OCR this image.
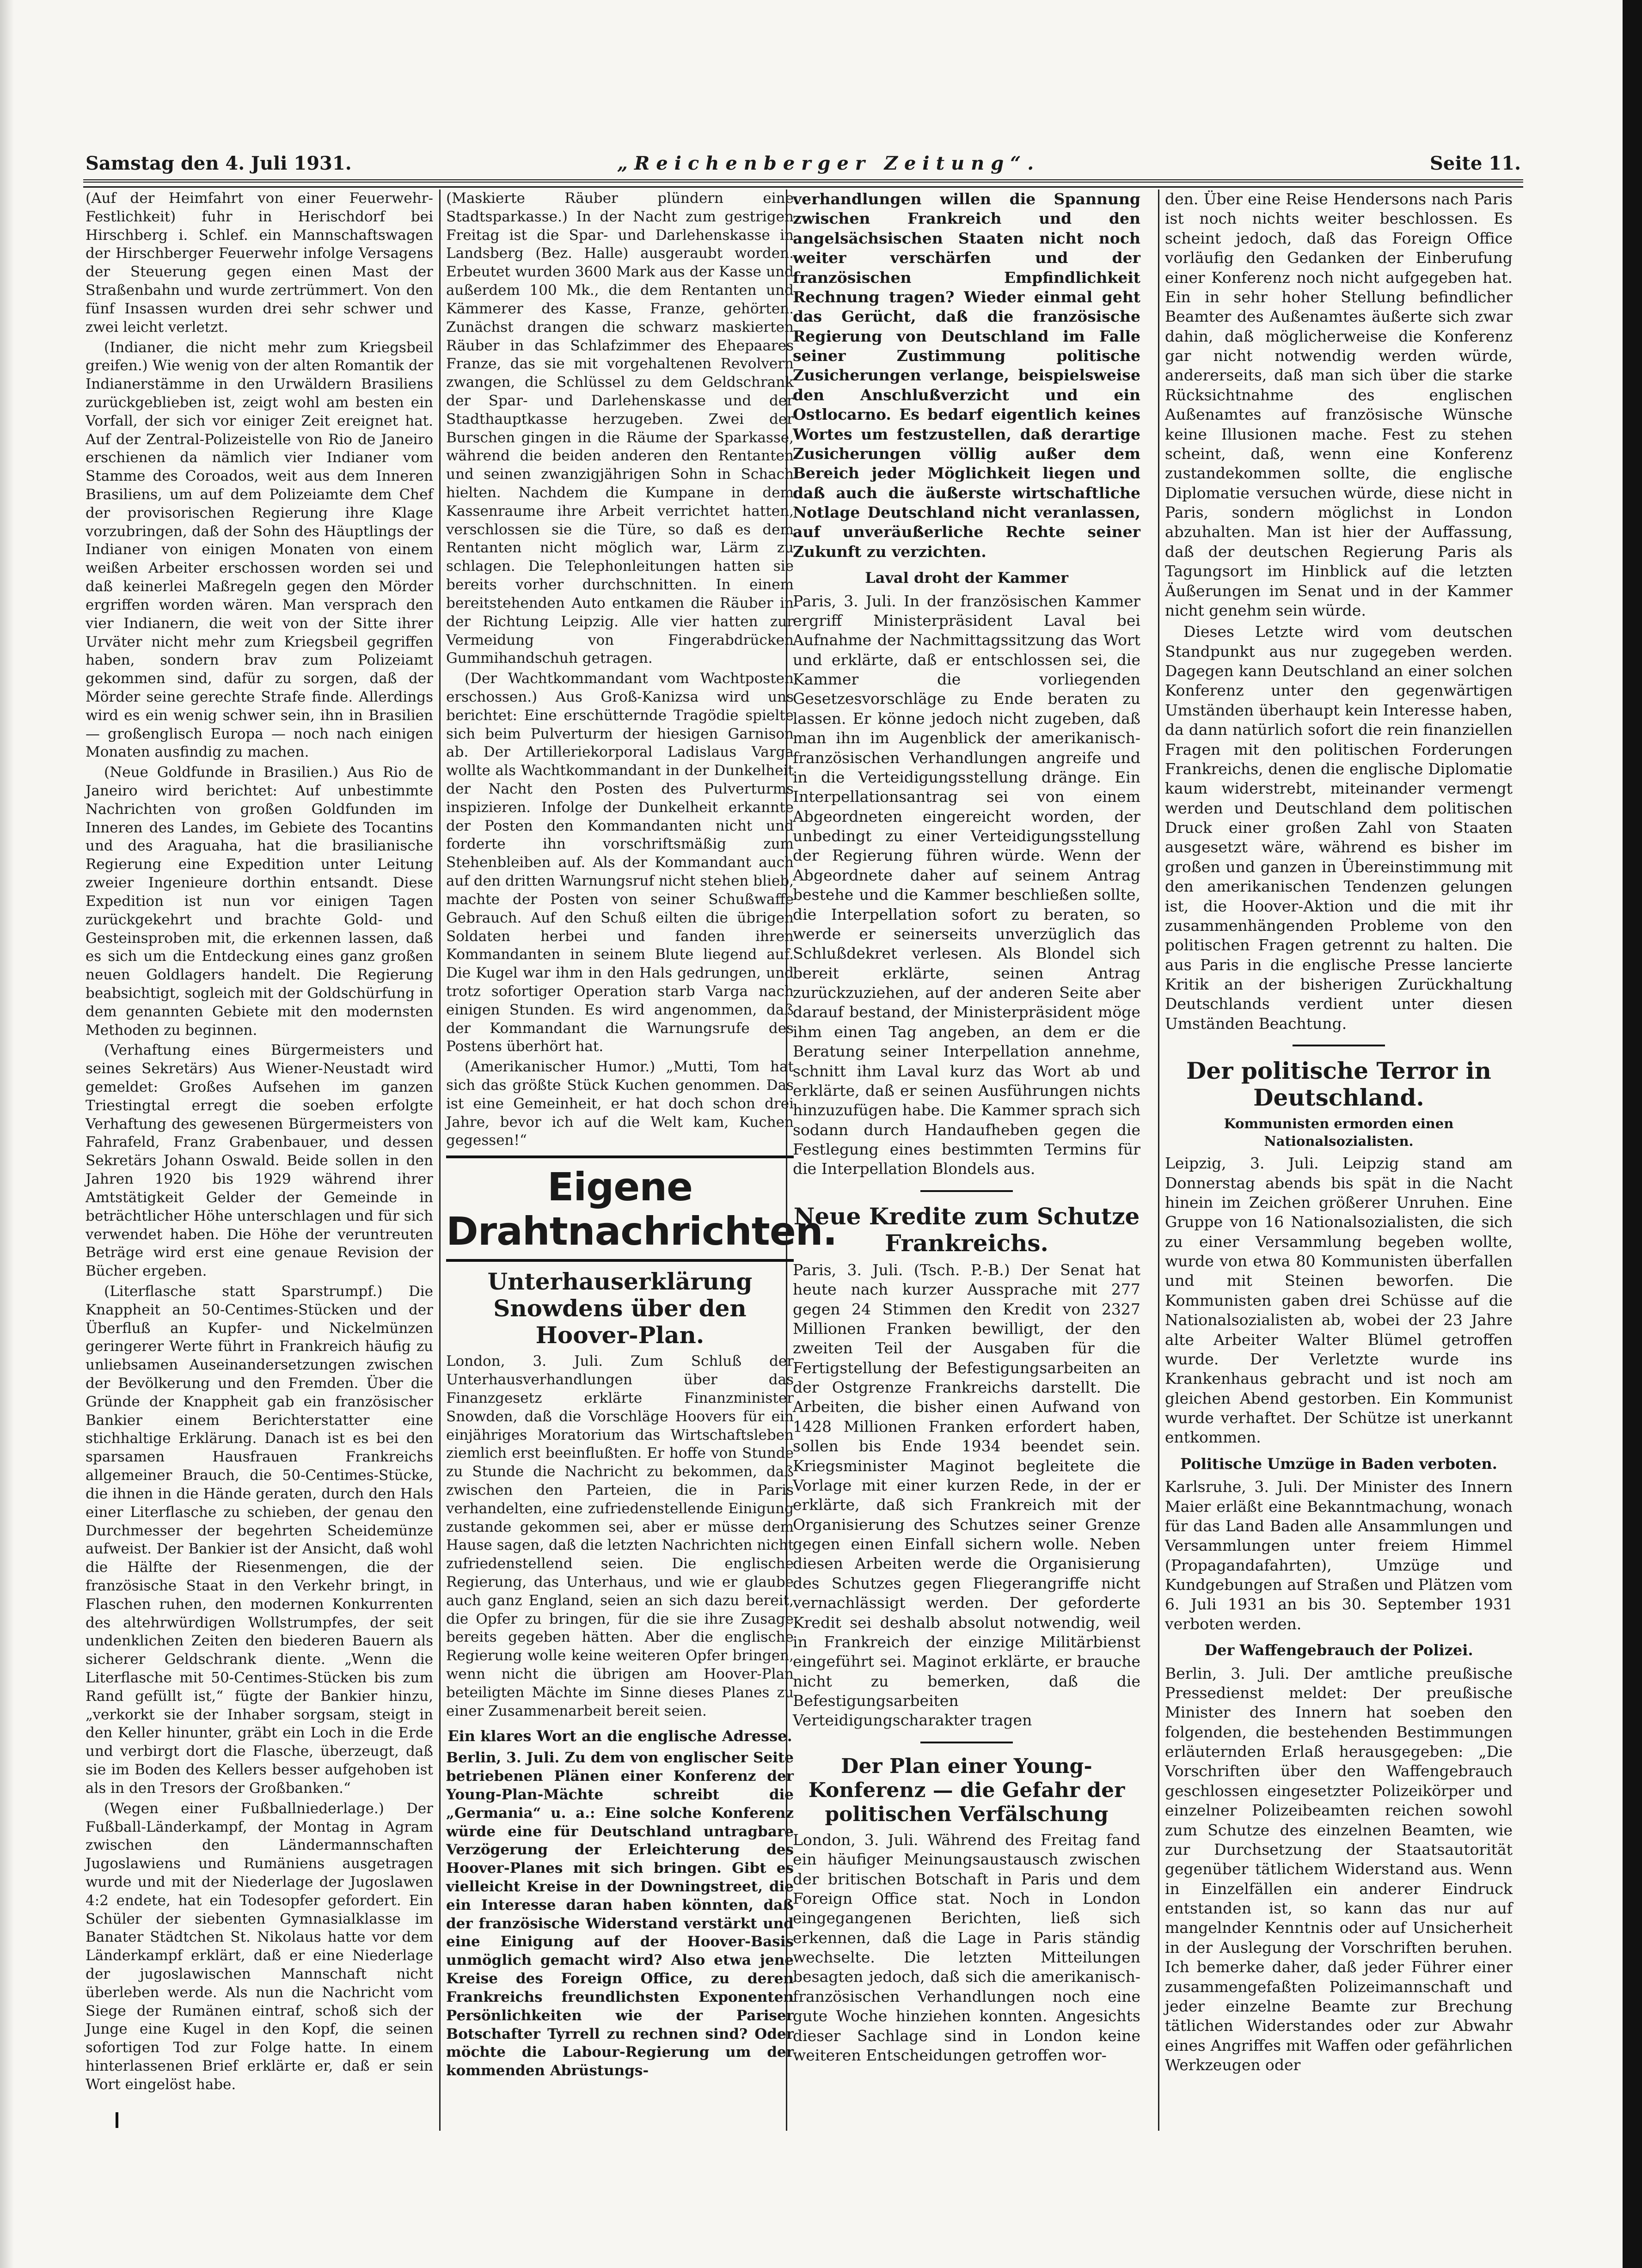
Samstag den 4. Juli 1931.	„Reichenberger Zeitung“.	Seite 11.

(Auf der Heimfahrt von einer Feuerwehr-Festlichkeit) fuhr in Herischdorf bei Hirschberg i. Schlef. ein Mannschaftswagen der Hirschberger Feuerwehr infolge Versagens der Steuerung gegen einen Mast der Straßenbahn und wurde zertrümmert. Von den fünf Insassen wurden drei sehr schwer und zwei leicht verletzt.

(Indianer, die nicht mehr zum Kriegsbeil greifen.) Wie wenig von der alten Romantik der Indianerstämme in den Urwäldern Brasiliens zurückgeblieben ist, zeigt wohl am besten ein Vorfall, der sich vor einiger Zeit ereignet hat. Auf der Zentral-Polizeistelle von Rio de Janeiro erschienen da nämlich vier Indianer vom Stamme des Coroados, weit aus dem Inneren Brasiliens, um auf dem Polizeiamte dem Chef der provisorischen Regierung ihre Klage vorzubringen, daß der Sohn des Häuptlings der Indianer von einigen Monaten von einem weißen Arbeiter erschossen worden sei und daß keinerlei Maßregeln gegen den Mörder ergriffen worden wären. Man versprach den vier Indianern, die weit von der Sitte ihrer Urväter nicht mehr zum Kriegsbeil gegriffen haben, sondern brav zum Polizeiamt gekommen sind, dafür zu sorgen, daß der Mörder seine gerechte Strafe finde. Allerdings wird es ein wenig schwer sein, ihn in Brasilien — großenglisch Europa — noch nach einigen Monaten ausfindig zu machen.

(Neue Goldfunde in Brasilien.) Aus Rio de Janeiro wird berichtet: Auf unbestimmte Nachrichten von großen Goldfunden im Inneren des Landes, im Gebiete des Tocantins und des Araguaha, hat die brasilianische Regierung eine Expedition unter Leitung zweier Ingenieure dorthin entsandt. Diese Expedition ist nun vor einigen Tagen zurückgekehrt und brachte Gold- und Gesteinsproben mit, die erkennen lassen, daß es sich um die Entdeckung eines ganz großen neuen Goldlagers handelt. Die Regierung beabsichtigt, sogleich mit der Goldschürfung in dem genannten Gebiete mit den modernsten Methoden zu beginnen.

(Verhaftung eines Bürgermeisters und seines Sekretärs) Aus Wiener-Neustadt wird gemeldet: Großes Aufsehen im ganzen Triestingtal erregt die soeben erfolgte Verhaftung des gewesenen Bürgermeisters von Fahrafeld, Franz Grabenbauer, und dessen Sekretärs Johann Oswald. Beide sollen in den Jahren 1920 bis 1929 während ihrer Amtstätigkeit Gelder der Gemeinde in beträchtlicher Höhe unterschlagen und für sich verwendet haben. Die Höhe der veruntreuten Beträge wird erst eine genaue Revision der Bücher ergeben.

(Literflasche statt Sparstrumpf.) Die Knappheit an 50-Centimes-Stücken und der Überfluß an Kupfer- und Nickelmünzen geringerer Werte führt in Frankreich häufig zu unliebsamen Auseinandersetzungen zwischen der Bevölkerung und den Fremden. Über die Gründe der Knappheit gab ein französischer Bankier einem Berichterstatter eine stichhaltige Erklärung. Danach ist es bei den sparsamen Hausfrauen Frankreichs allgemeiner Brauch, die 50-Centimes-Stücke, die ihnen in die Hände geraten, durch den Hals einer Literflasche zu schieben, der genau den Durchmesser der begehrten Scheidemünze aufweist. Der Bankier ist der Ansicht, daß wohl die Hälfte der Riesenmengen, die der französische Staat in den Verkehr bringt, in Flaschen ruhen, den modernen Konkurrenten des altehrwürdigen Wollstrumpfes, der seit undenklichen Zeiten den biederen Bauern als sicherer Geldschrank diente. „Wenn die Literflasche mit 50-Centimes-Stücken bis zum Rand gefüllt ist,“ fügte der Bankier hinzu, „verkorkt sie der Inhaber sorgsam, steigt in den Keller hinunter, gräbt ein Loch in die Erde und verbirgt dort die Flasche, überzeugt, daß sie im Boden des Kellers besser aufgehoben ist als in den Tresors der Großbanken.“

(Wegen einer Fußballniederlage.) Der Fußball-Länderkampf, der Montag in Agram zwischen den Ländermannschaften Jugoslawiens und Rumäniens ausgetragen wurde und mit der Niederlage der Jugoslawen 4:2 endete, hat ein Todesopfer gefordert. Ein Schüler der siebenten Gymnasialklasse im Banater Städtchen St. Nikolaus hatte vor dem Länderkampf erklärt, daß er eine Niederlage der jugoslawischen Mannschaft nicht überleben werde. Als nun die Nachricht vom Siege der Rumänen eintraf, schoß sich der Junge eine Kugel in den Kopf, die seinen sofortigen Tod zur Folge hatte. In einem hinterlassenen Brief erklärte er, daß er sein Wort eingelöst habe.

(Maskierte Räuber plündern eine Stadtsparkasse.) In der Nacht zum gestrigen Freitag ist die Spar- und Darlehenskasse in Landsberg (Bez. Halle) ausgeraubt worden. Erbeutet wurden 3600 Mark aus der Kasse und außerdem 100 Mk., die dem Rentanten und Kämmerer des Kasse, Franze, gehörten. Zunächst drangen die schwarz maskierten Räuber in das Schlafzimmer des Ehepaares Franze, das sie mit vorgehaltenen Revolvern zwangen, die Schlüssel zu dem Geldschrank der Spar- und Darlehenskasse und der Stadthauptkasse herzugeben. Zwei der Burschen gingen in die Räume der Sparkasse, während die beiden anderen den Rentanten und seinen zwanzigjährigen Sohn in Schach hielten. Nachdem die Kumpane in dem Kassenraume ihre Arbeit verrichtet hatten, verschlossen sie die Türe, so daß es dem Rentanten nicht möglich war, Lärm zu schlagen. Die Telephonleitungen hatten sie bereits vorher durchschnitten. In einem bereitstehenden Auto entkamen die Räuber in der Richtung Leipzig. Alle vier hatten zur Vermeidung von Fingerabdrücken Gummihandschuh getragen.

(Der Wachtkommandant vom Wachtposten erschossen.) Aus Groß-Kanizsa wird uns berichtet: Eine erschütternde Tragödie spielte sich beim Pulverturm der hiesigen Garnison ab. Der Artilleriekorporal Ladislaus Varga wollte als Wachtkommandant in der Dunkelheit der Nacht den Posten des Pulverturms inspizieren. Infolge der Dunkelheit erkannte der Posten den Kommandanten nicht und forderte ihn vorschriftsmäßig zum Stehenbleiben auf. Als der Kommandant auch auf den dritten Warnungsruf nicht stehen blieb, machte der Posten von seiner Schußwaffe Gebrauch. Auf den Schuß eilten die übrigen Soldaten herbei und fanden ihren Kommandanten in seinem Blute liegend auf. Die Kugel war ihm in den Hals gedrungen, und trotz sofortiger Operation starb Varga nach einigen Stunden. Es wird angenommen, daß der Kommandant die Warnungsrufe des Postens überhört hat.

(Amerikanischer Humor.) „Mutti, Tom hat sich das größte Stück Kuchen genommen. Das ist eine Gemeinheit, er hat doch schon drei Jahre, bevor ich auf die Welt kam, Kuchen gegessen!“

Eigene Drahtnachrichten.
Unterhauserklärung Snowdens über den Hoover-Plan.

London, 3. Juli. Zum Schluß der Unterhausverhandlungen über das Finanzgesetz erklärte Finanzminister Snowden, daß die Vorschläge Hoovers für ein einjähriges Moratorium das Wirtschaftsleben ziemlich erst beeinflußten. Er hoffe von Stunde zu Stunde die Nachricht zu bekommen, daß zwischen den Parteien, die in Paris verhandelten, eine zufriedenstellende Einigung zustande gekommen sei, aber er müsse dem Hause sagen, daß die letzten Nachrichten nicht zufriedenstellend seien. Die englische Regierung, das Unterhaus, und wie er glaube auch ganz England, seien an sich dazu bereit, die Opfer zu bringen, für die sie ihre Zusage bereits gegeben hätten. Aber die englische Regierung wolle keine weiteren Opfer bringen, wenn nicht die übrigen am Hoover-Plan beteiligten Mächte im Sinne dieses Planes zu einer Zusammenarbeit bereit seien.

Ein klares Wort an die englische Adresse.

Berlin, 3. Juli. Zu dem von englischer Seite betriebenen Plänen einer Konferenz der Young-Plan-Mächte schreibt die „Germania“ u. a.: Eine solche Konferenz würde eine für Deutschland untragbare Verzögerung der Erleichterung des Hoover-Planes mit sich bringen. Gibt es vielleicht Kreise in der Downingstreet, die ein Interesse daran haben könnten, daß der französische Widerstand verstärkt und eine Einigung auf der Hoover-Basis unmöglich gemacht wird? Also etwa jene Kreise des Foreign Office, zu deren Frankreichs freundlichsten Exponenten Persönlichkeiten wie der Pariser Botschafter Tyrrell zu rechnen sind? Oder möchte die Labour-Regierung um der kommenden Abrüstungs-

verhandlungen willen die Spannung zwischen Frankreich und den angelsächsischen Staaten nicht noch weiter verschärfen und der französischen Empfindlichkeit Rechnung tragen? Wieder einmal geht das Gerücht, daß die französische Regierung von Deutschland im Falle seiner Zustimmung politische Zusicherungen verlange, beispielsweise den Anschlußverzicht und ein Ostlocarno. Es bedarf eigentlich keines Wortes um festzustellen, daß derartige Zusicherungen völlig außer dem Bereich jeder Möglichkeit liegen und daß auch die äußerste wirtschaftliche Notlage Deutschland nicht veranlassen, auf unveräußerliche Rechte seiner Zukunft zu verzichten.

Laval droht der Kammer

Paris, 3. Juli. In der französischen Kammer ergriff Ministerpräsident Laval bei Aufnahme der Nachmittagssitzung das Wort und erklärte, daß er entschlossen sei, die Kammer die vorliegenden Gesetzesvorschläge zu Ende beraten zu lassen. Er könne jedoch nicht zugeben, daß man ihn im Augenblick der amerikanisch-französischen Verhandlungen angreife und in die Verteidigungsstellung dränge. Ein Interpellationsantrag sei von einem Abgeordneten eingereicht worden, der unbedingt zu einer Verteidigungsstellung der Regierung führen würde. Wenn der Abgeordnete daher auf seinem Antrag bestehe und die Kammer beschließen sollte, die Interpellation sofort zu beraten, so werde er seinerseits unverzüglich das Schlußdekret verlesen. Als Blondel sich bereit erklärte, seinen Antrag zurückzuziehen, auf der anderen Seite aber darauf bestand, der Ministerpräsident möge ihm einen Tag angeben, an dem er die Beratung seiner Interpellation annehme, schnitt ihm Laval kurz das Wort ab und erklärte, daß er seinen Ausführungen nichts hinzuzufügen habe. Die Kammer sprach sich sodann durch Handaufheben gegen die Festlegung eines bestimmten Termins für die Interpellation Blondels aus.

Neue Kredite zum Schutze Frankreichs.

Paris, 3. Juli. (Tsch. P.-B.) Der Senat hat heute nach kurzer Aussprache mit 277 gegen 24 Stimmen den Kredit von 2327 Millionen Franken bewilligt, der den zweiten Teil der Ausgaben für die Fertigstellung der Befestigungsarbeiten an der Ostgrenze Frankreichs darstellt. Die Arbeiten, die bisher einen Aufwand von 1428 Millionen Franken erfordert haben, sollen bis Ende 1934 beendet sein. Kriegsminister Maginot begleitete die Vorlage mit einer kurzen Rede, in der er erklärte, daß sich Frankreich mit der Organisierung des Schutzes seiner Grenze gegen einen Einfall sichern wolle. Neben diesen Arbeiten werde die Organisierung des Schutzes gegen Fliegerangriffe nicht vernachlässigt werden. Der geforderte Kredit sei deshalb absolut notwendig, weil in Frankreich der einzige Militärbienst eingeführt sei. Maginot erklärte, er brauche nicht zu bemerken, daß die Befestigungsarbeiten Verteidigungscharakter tragen

Der Plan einer Young-Konferenz — die Gefahr der politischen Verfälschung

London, 3. Juli. Während des Freitag fand ein häufiger Meinungsaustausch zwischen der britischen Botschaft in Paris und dem Foreign Office stat. Noch in London eingegangenen Berichten, ließ sich erkennen, daß die Lage in Paris ständig wechselte. Die letzten Mitteilungen besagten jedoch, daß sich die amerikanisch-französischen Verhandlungen noch eine gute Woche hinziehen konnten. Angesichts dieser Sachlage sind in London keine weiteren Entscheidungen getroffen wor-

den. Über eine Reise Hendersons nach Paris ist noch nichts weiter beschlossen. Es scheint jedoch, daß das Foreign Office vorläufig den Gedanken der Einberufung einer Konferenz noch nicht aufgegeben hat. Ein in sehr hoher Stellung befindlicher Beamter des Außenamtes äußerte sich zwar dahin, daß möglicherweise die Konferenz gar nicht notwendig werden würde, andererseits, daß man sich über die starke Rücksichtnahme des englischen Außenamtes auf französische Wünsche keine Illusionen mache. Fest zu stehen scheint, daß, wenn eine Konferenz zustandekommen sollte, die englische Diplomatie versuchen würde, diese nicht in Paris, sondern möglichst in London abzuhalten. Man ist hier der Auffassung, daß der deutschen Regierung Paris als Tagungsort im Hinblick auf die letzten Äußerungen im Senat und in der Kammer nicht genehm sein würde.

Dieses Letzte wird vom deutschen Standpunkt aus nur zugegeben werden. Dagegen kann Deutschland an einer solchen Konferenz unter den gegenwärtigen Umständen überhaupt kein Interesse haben, da dann natürlich sofort die rein finanziellen Fragen mit den politischen Forderungen Frankreichs, denen die englische Diplomatie kaum widerstrebt, miteinander vermengt werden und Deutschland dem politischen Druck einer großen Zahl von Staaten ausgesetzt wäre, während es bisher im großen und ganzen in Übereinstimmung mit den amerikanischen Tendenzen gelungen ist, die Hoover-Aktion und die mit ihr zusammenhängenden Probleme von den politischen Fragen getrennt zu halten. Die aus Paris in die englische Presse lancierte Kritik an der bisherigen Zurückhaltung Deutschlands verdient unter diesen Umständen Beachtung.

Der politische Terror in Deutschland.
Kommunisten ermorden einen Nationalsozialisten.

Leipzig, 3. Juli. Leipzig stand am Donnerstag abends bis spät in die Nacht hinein im Zeichen größerer Unruhen. Eine Gruppe von 16 Nationalsozialisten, die sich zu einer Versammlung begeben wollte, wurde von etwa 80 Kommunisten überfallen und mit Steinen beworfen. Die Kommunisten gaben drei Schüsse auf die Nationalsozialisten ab, wobei der 23 Jahre alte Arbeiter Walter Blümel getroffen wurde. Der Verletzte wurde ins Krankenhaus gebracht und ist noch am gleichen Abend gestorben. Ein Kommunist wurde verhaftet. Der Schütze ist unerkannt entkommen.

Politische Umzüge in Baden verboten.

Karlsruhe, 3. Juli. Der Minister des Innern Maier erläßt eine Bekanntmachung, wonach für das Land Baden alle Ansammlungen und Versammlungen unter freiem Himmel (Propagandafahrten), Umzüge und Kundgebungen auf Straßen und Plätzen vom 6. Juli 1931 an bis 30. September 1931 verboten werden.

Der Waffengebrauch der Polizei.

Berlin, 3. Juli. Der amtliche preußische Pressedienst meldet: Der preußische Minister des Innern hat soeben den folgenden, die bestehenden Bestimmungen erläuternden Erlaß herausgegeben: „Die Vorschriften über den Waffengebrauch geschlossen eingesetzter Polizeikörper und einzelner Polizeibeamten reichen sowohl zum Schutze des einzelnen Beamten, wie zur Durchsetzung der Staatsautorität gegenüber tätlichem Widerstand aus. Wenn in Einzelfällen ein anderer Eindruck entstanden ist, so kann das nur auf mangelnder Kenntnis oder auf Unsicherheit in der Auslegung der Vorschriften beruhen. Ich bemerke daher, daß jeder Führer einer zusammengefaßten Polizeimannschaft und jeder einzelne Beamte zur Brechung tätlichen Widerstandes oder zur Abwahr eines Angriffes mit Waffen oder gefährlichen Werkzeugen oder
